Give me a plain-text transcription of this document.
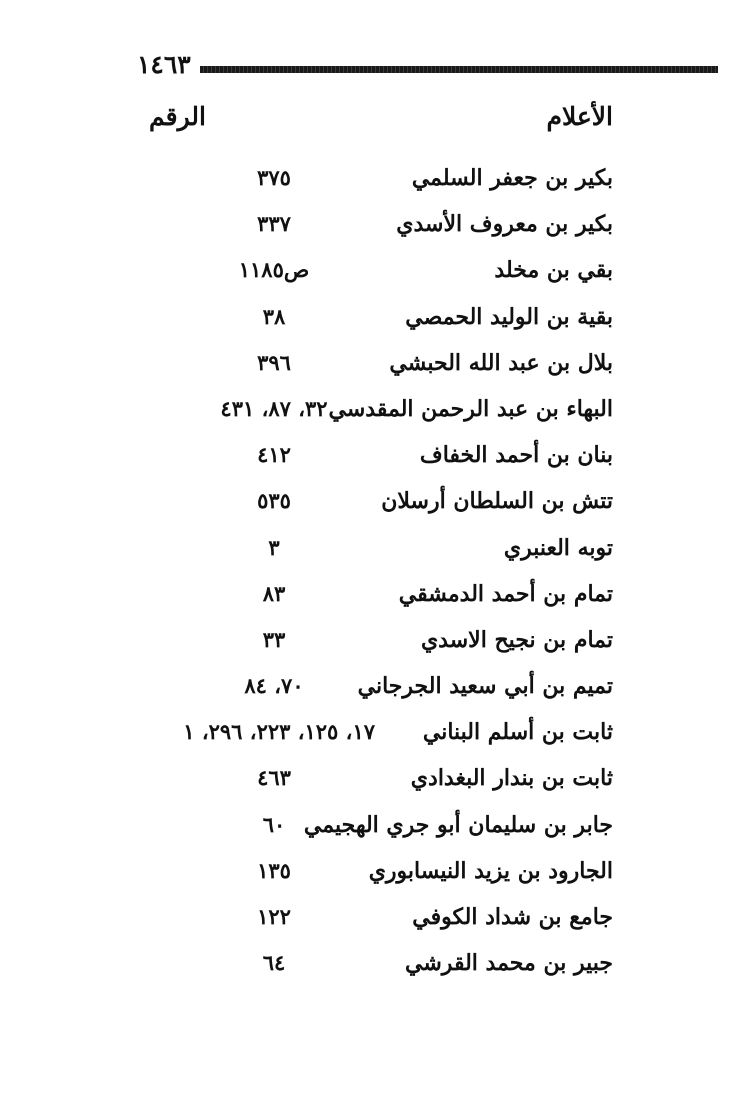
١٤٦٣
الأعلام
الرقم
بكير بن جعفر السلمي
٣٧٥
بكير بن معروف الأسدي
٣٣٧
بقي بن مخلد
ص١١٨٥
بقية بن الوليد الحمصي
٣٨
بلال بن عبد الله الحبشي
٣٩٦
البهاء بن عبد الرحمن المقدسي
٣٢، ٨٧، ٤٣١
بنان بن أحمد الخفاف
٤١٢
تتش بن السلطان أرسلان
٥٣٥
توبه العنبري
٣
تمام بن أحمد الدمشقي
٨٣
تمام بن نجيح الاسدي
٣٣
تميم بن أبي سعيد الجرجاني
٧٠، ٨٤
ثابت بن أسلم البناني
١٧، ١٢٥، ٢٢٣، ٢٩٦، ١
ثابت بن بندار البغدادي
٤٦٣
جابر بن سليمان أبو جري الهجيمي
٦٠
الجارود بن يزيد النيسابوري
١٣٥
جامع بن شداد الكوفي
١٢٢
جبير بن محمد القرشي
٦٤
